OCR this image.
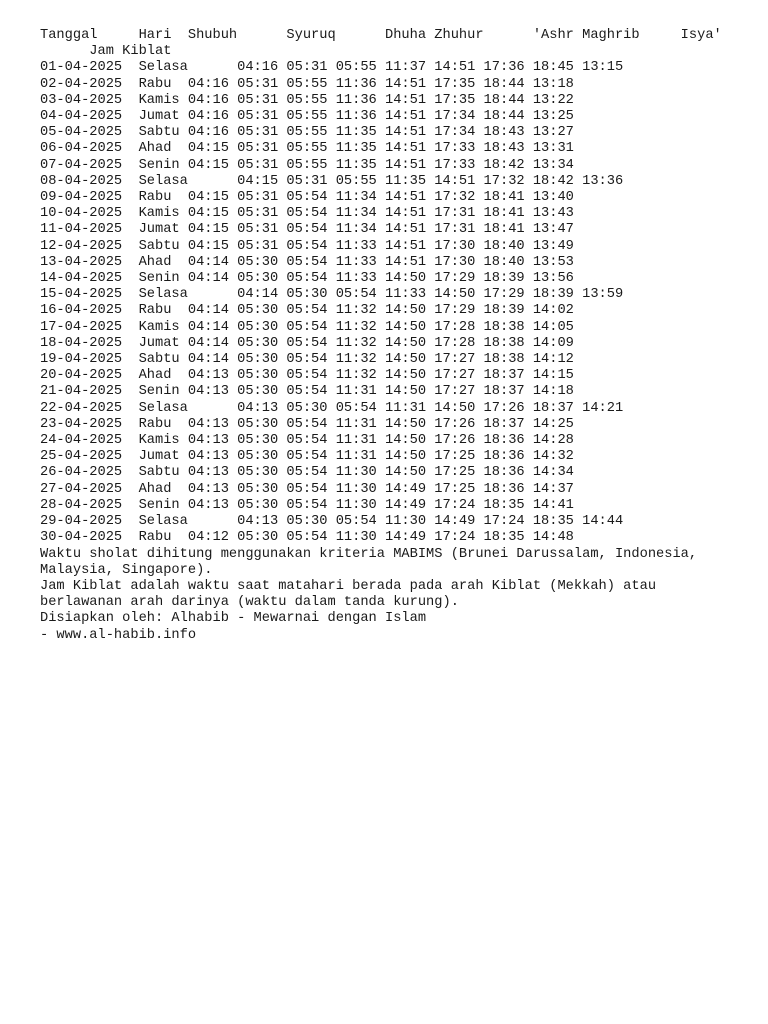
Tanggal     Hari  Shubuh      Syuruq      Dhuha Zhuhur      'Ashr Maghrib     Isya'
Jam Kiblat
01-04-2025  Selasa      04:16 05:31 05:55 11:37 14:51 17:36 18:45 13:15
02-04-2025  Rabu  04:16 05:31 05:55 11:36 14:51 17:35 18:44 13:18
03-04-2025  Kamis 04:16 05:31 05:55 11:36 14:51 17:35 18:44 13:22
04-04-2025  Jumat 04:16 05:31 05:55 11:36 14:51 17:34 18:44 13:25
05-04-2025  Sabtu 04:16 05:31 05:55 11:35 14:51 17:34 18:43 13:27
06-04-2025  Ahad  04:15 05:31 05:55 11:35 14:51 17:33 18:43 13:31
07-04-2025  Senin 04:15 05:31 05:55 11:35 14:51 17:33 18:42 13:34
08-04-2025  Selasa      04:15 05:31 05:55 11:35 14:51 17:32 18:42 13:36
09-04-2025  Rabu  04:15 05:31 05:54 11:34 14:51 17:32 18:41 13:40
10-04-2025  Kamis 04:15 05:31 05:54 11:34 14:51 17:31 18:41 13:43
11-04-2025  Jumat 04:15 05:31 05:54 11:34 14:51 17:31 18:41 13:47
12-04-2025  Sabtu 04:15 05:31 05:54 11:33 14:51 17:30 18:40 13:49
13-04-2025  Ahad  04:14 05:30 05:54 11:33 14:51 17:30 18:40 13:53
14-04-2025  Senin 04:14 05:30 05:54 11:33 14:50 17:29 18:39 13:56
15-04-2025  Selasa      04:14 05:30 05:54 11:33 14:50 17:29 18:39 13:59
16-04-2025  Rabu  04:14 05:30 05:54 11:32 14:50 17:29 18:39 14:02
17-04-2025  Kamis 04:14 05:30 05:54 11:32 14:50 17:28 18:38 14:05
18-04-2025  Jumat 04:14 05:30 05:54 11:32 14:50 17:28 18:38 14:09
19-04-2025  Sabtu 04:14 05:30 05:54 11:32 14:50 17:27 18:38 14:12
20-04-2025  Ahad  04:13 05:30 05:54 11:32 14:50 17:27 18:37 14:15
21-04-2025  Senin 04:13 05:30 05:54 11:31 14:50 17:27 18:37 14:18
22-04-2025  Selasa      04:13 05:30 05:54 11:31 14:50 17:26 18:37 14:21
23-04-2025  Rabu  04:13 05:30 05:54 11:31 14:50 17:26 18:37 14:25
24-04-2025  Kamis 04:13 05:30 05:54 11:31 14:50 17:26 18:36 14:28
25-04-2025  Jumat 04:13 05:30 05:54 11:31 14:50 17:25 18:36 14:32
26-04-2025  Sabtu 04:13 05:30 05:54 11:30 14:50 17:25 18:36 14:34
27-04-2025  Ahad  04:13 05:30 05:54 11:30 14:49 17:25 18:36 14:37
28-04-2025  Senin 04:13 05:30 05:54 11:30 14:49 17:24 18:35 14:41
29-04-2025  Selasa      04:13 05:30 05:54 11:30 14:49 17:24 18:35 14:44
30-04-2025  Rabu  04:12 05:30 05:54 11:30 14:49 17:24 18:35 14:48

Waktu sholat dihitung menggunakan kriteria MABIMS (Brunei Darussalam, Indonesia, Malaysia, Singapore).

Jam Kiblat adalah waktu saat matahari berada pada arah Kiblat (Mekkah) atau berlawanan arah darinya (waktu dalam tanda kurung).

Disiapkan oleh: Alhabib - Mewarnai dengan Islam

- www.al-habib.info
